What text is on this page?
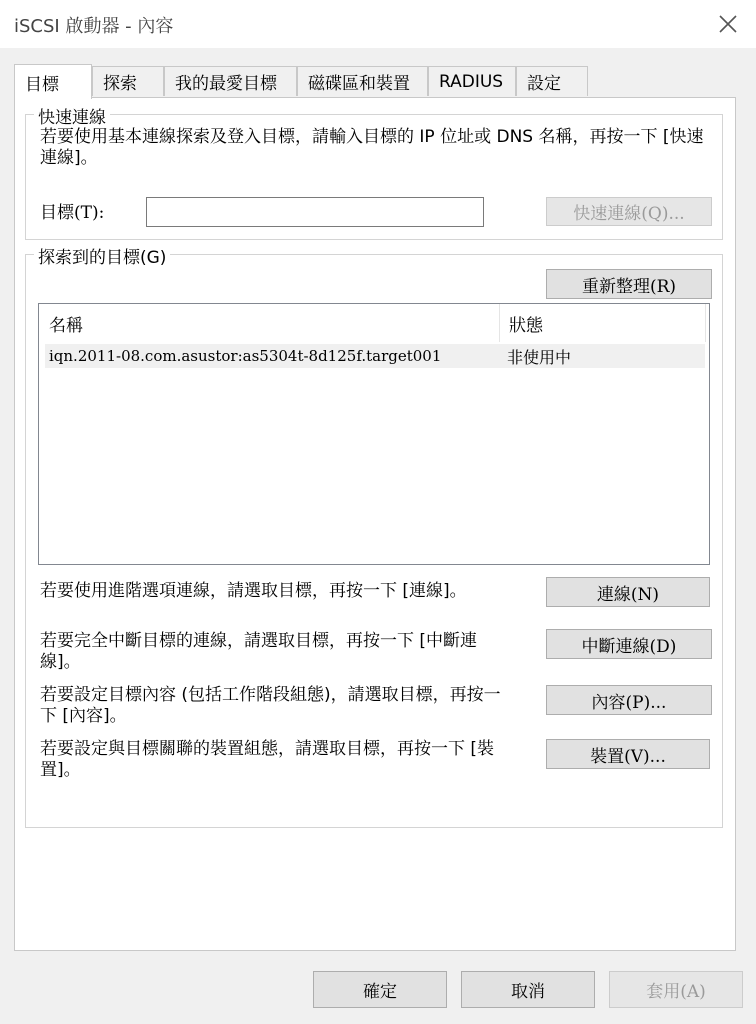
iSCSI 啟動器 - 內容
目標	探索	我的最愛目標	磁碟區和裝置	RADIUS	設定
快速連線
若要使用基本連線探索及登入目標，請輸入目標的 IP 位址或 DNS 名稱，再按一下 [快速連線]。
目標(T):	快速連線(Q)...
探索到的目標(G)
重新整理(R)
名稱	狀態
iqn.2011-08.com.asustor:as5304t-8d125f.target001	非使用中
若要使用進階選項連線，請選取目標，再按一下 [連線]。	連線(N)
若要完全中斷目標的連線，請選取目標，再按一下 [中斷連線]。
中斷連線(D)
若要設定目標內容 (包括工作階段組態)，請選取目標，再按一下 [內容]。
內容(P)...
若要設定與目標關聯的裝置組態，請選取目標，再按一下 [裝置]。
裝置(V)...
確定	取消	套用(A)
